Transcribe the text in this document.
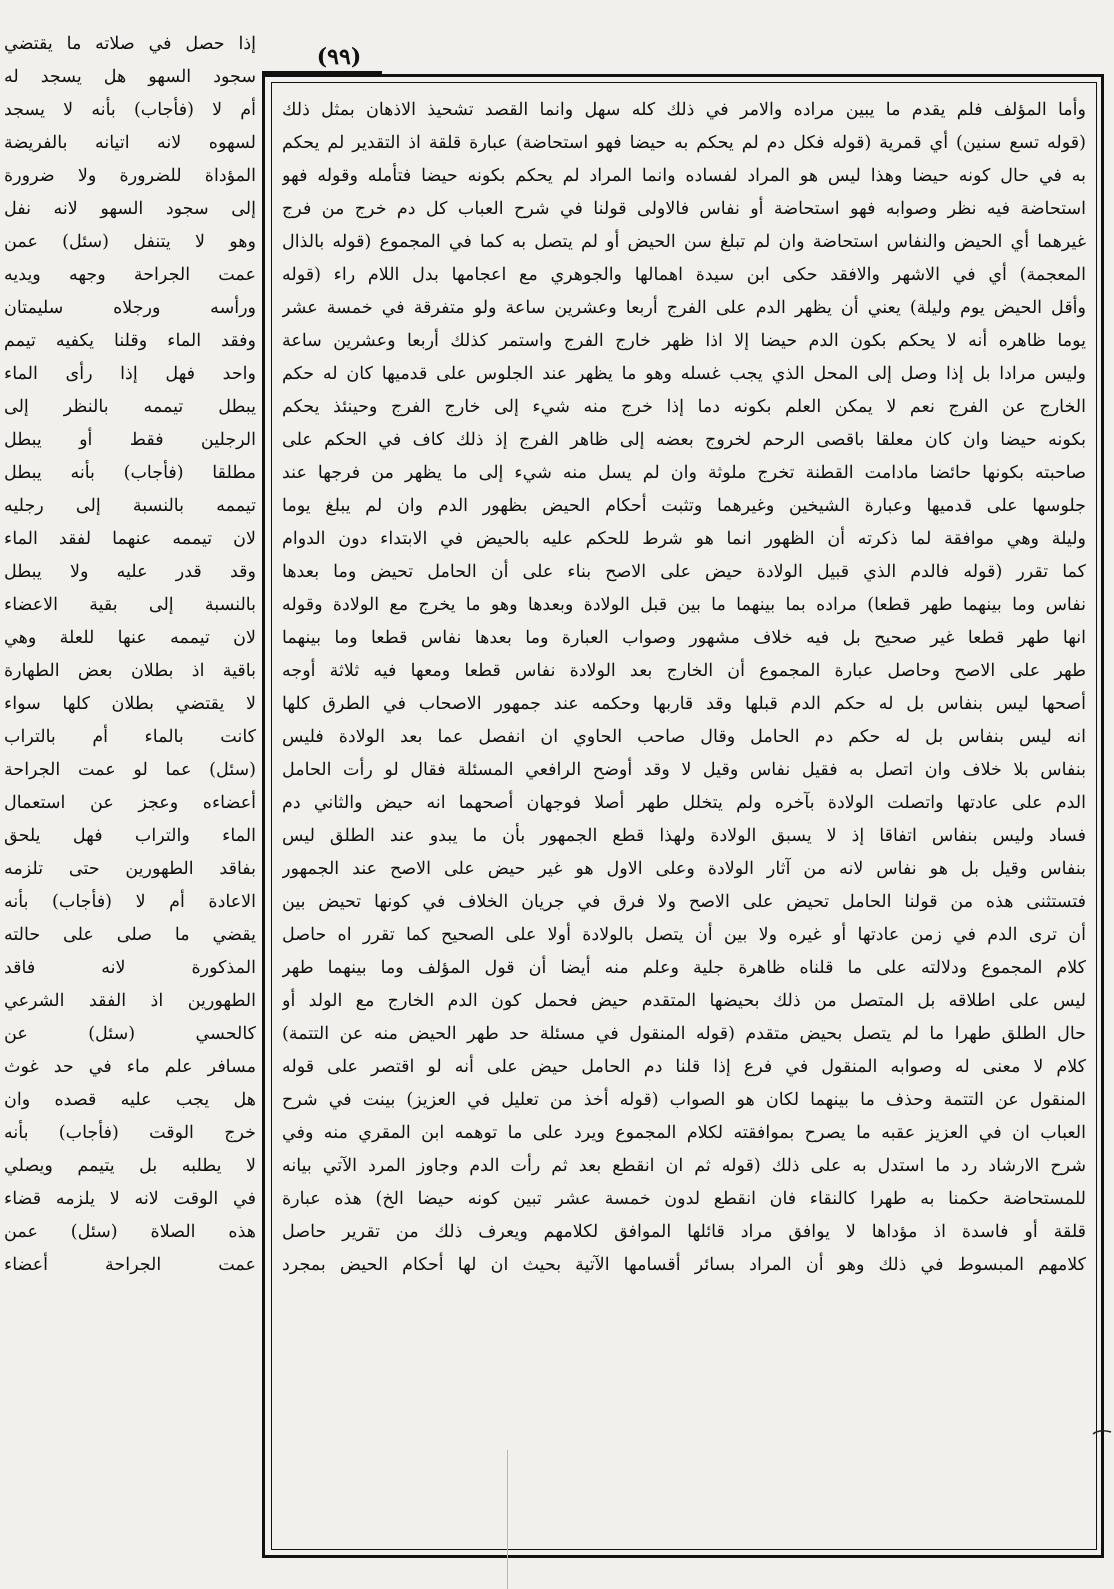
(٩٩)
وأما المؤلف فلم يقدم ما يبين مراده والامر في ذلك كله سهل وانما القصد تشحيذ الاذهان بمثل ذلك
(قوله تسع سنين) أي قمرية (قوله فكل دم لم يحكم به حيضا فهو استحاضة) عبارة قلقة اذ التقدير لم يحكم
به في حال كونه حيضا وهذا ليس هو المراد لفساده وانما المراد لم يحكم بكونه حيضا فتأمله وقوله فهو
استحاضة فيه نظر وصوابه فهو استحاضة أو نفاس فالاولى قولنا في شرح العباب كل دم خرج من فرج
غيرهما أي الحيض والنفاس استحاضة وان لم تبلغ سن الحيض أو لم يتصل به كما في المجموع (قوله بالذال
المعجمة) أي في الاشهر والافقد حكى ابن سيدة اهمالها والجوهري مع اعجامها بدل اللام راء (قوله
وأقل الحيض يوم وليلة) يعني أن يظهر الدم على الفرج أربعا وعشرين ساعة ولو متفرقة في خمسة عشر
يوما ظاهره أنه لا يحكم بكون الدم حيضا إلا اذا ظهر خارج الفرج واستمر كذلك أربعا وعشرين ساعة
وليس مرادا بل إذا وصل إلى المحل الذي يجب غسله وهو ما يظهر عند الجلوس على قدميها كان له حكم
الخارج عن الفرج نعم لا يمكن العلم بكونه دما إذا خرج منه شيء إلى خارج الفرج وحينئذ يحكم
بكونه حيضا وان كان معلقا باقصى الرحم لخروج بعضه إلى ظاهر الفرج إذ ذلك كاف في الحكم على
صاحبته بكونها حائضا مادامت القطنة تخرج ملوثة وان لم يسل منه شيء إلى ما يظهر من فرجها عند
جلوسها على قدميها وعبارة الشيخين وغيرهما وتثبت أحكام الحيض بظهور الدم وان لم يبلغ يوما
وليلة وهي موافقة لما ذكرته أن الظهور انما هو شرط للحكم عليه بالحيض في الابتداء دون الدوام
كما تقرر (قوله فالدم الذي قبيل الولادة حيض على الاصح بناء على أن الحامل تحيض وما بعدها
نفاس وما بينهما طهر قطعا) مراده بما بينهما ما بين قبل الولادة وبعدها وهو ما يخرج مع الولادة وقوله
انها طهر قطعا غير صحيح بل فيه خلاف مشهور وصواب العبارة وما بعدها نفاس قطعا وما بينهما
طهر على الاصح وحاصل عبارة المجموع أن الخارج بعد الولادة نفاس قطعا ومعها فيه ثلاثة أوجه
أصحها ليس بنفاس بل له حكم الدم قبلها وقد قاربها وحكمه عند جمهور الاصحاب في الطرق كلها
انه ليس بنفاس بل له حكم دم الحامل وقال صاحب الحاوي ان انفصل عما بعد الولادة فليس
بنفاس بلا خلاف وان اتصل به فقيل نفاس وقيل لا وقد أوضح الرافعي المسئلة فقال لو رأت الحامل
الدم على عادتها واتصلت الولادة بآخره ولم يتخلل طهر أصلا فوجهان أصحهما انه حيض والثاني دم
فساد وليس بنفاس اتفاقا إذ لا يسبق الولادة ولهذا قطع الجمهور بأن ما يبدو عند الطلق ليس
بنفاس وقيل بل هو نفاس لانه من آثار الولادة وعلى الاول هو غير حيض على الاصح عند الجمهور
فتستثنى هذه من قولنا الحامل تحيض على الاصح ولا فرق في جريان الخلاف في كونها تحيض بين
أن ترى الدم في زمن عادتها أو غيره ولا بين أن يتصل بالولادة أولا على الصحيح كما تقرر اه حاصل
كلام المجموع ودلالته على ما قلناه ظاهرة جلية وعلم منه أيضا أن قول المؤلف وما بينهما طهر
ليس على اطلاقه بل المتصل من ذلك بحيضها المتقدم حيض فحمل كون الدم الخارج مع الولد أو
حال الطلق طهرا ما لم يتصل بحيض متقدم (قوله المنقول في مسئلة حد طهر الحيض منه عن التتمة)
كلام لا معنى له وصوابه المنقول في فرع إذا قلنا دم الحامل حيض على أنه لو اقتصر على قوله
المنقول عن التتمة وحذف ما بينهما لكان هو الصواب (قوله أخذ من تعليل في العزيز) بينت في شرح
العباب ان في العزيز عقبه ما يصرح بموافقته لكلام المجموع ويرد على ما توهمه ابن المقري منه وفي
شرح الارشاد رد ما استدل به على ذلك (قوله ثم ان انقطع بعد ثم رأت الدم وجاوز المرد الآتي بيانه
للمستحاضة حكمنا به طهرا كالنقاء فان انقطع لدون خمسة عشر تبين كونه حيضا الخ) هذه عبارة
قلقة أو فاسدة اذ مؤداها لا يوافق مراد قائلها الموافق لكلامهم ويعرف ذلك من تقرير حاصل
كلامهم المبسوط في ذلك وهو أن المراد بسائر أقسامها الآتية بحيث ان لها أحكام الحيض بمجرد
إذا حصل في صلاته ما يقتضي
سجود السهو هل يسجد له
أم لا (فأجاب) بأنه لا يسجد
لسهوه لانه اتيانه بالفريضة
المؤداة للضرورة ولا ضرورة
إلى سجود السهو لانه نفل
وهو لا يتنفل (سئل) عمن
عمت الجراحة وجهه ويديه
ورأسه ورجلاه سليمتان
وفقد الماء وقلنا يكفيه تيمم
واحد فهل إذا رأى الماء
يبطل تيممه بالنظر إلى
الرجلين فقط أو يبطل
مطلقا (فأجاب) بأنه يبطل
تيممه بالنسبة إلى رجليه
لان تيممه عنهما لفقد الماء
وقد قدر عليه ولا يبطل
بالنسبة إلى بقية الاعضاء
لان تيممه عنها للعلة وهي
باقية اذ بطلان بعض الطهارة
لا يقتضي بطلان كلها سواء
كانت بالماء أم بالتراب
(سئل) عما لو عمت الجراحة
أعضاءه وعجز عن استعمال
الماء والتراب فهل يلحق
بفاقد الطهورين حتى تلزمه
الاعادة أم لا (فأجاب) بأنه
يقضي ما صلى على حالته
المذكورة لانه فاقد
الطهورين اذ الفقد الشرعي
كالحسي (سئل) عن
مسافر علم ماء في حد غوث
هل يجب عليه قصده وان
خرج الوقت (فأجاب) بأنه
لا يطلبه بل يتيمم ويصلي
في الوقت لانه لا يلزمه قضاء
هذه الصلاة (سئل) عمن
عمت الجراحة أعضاء
